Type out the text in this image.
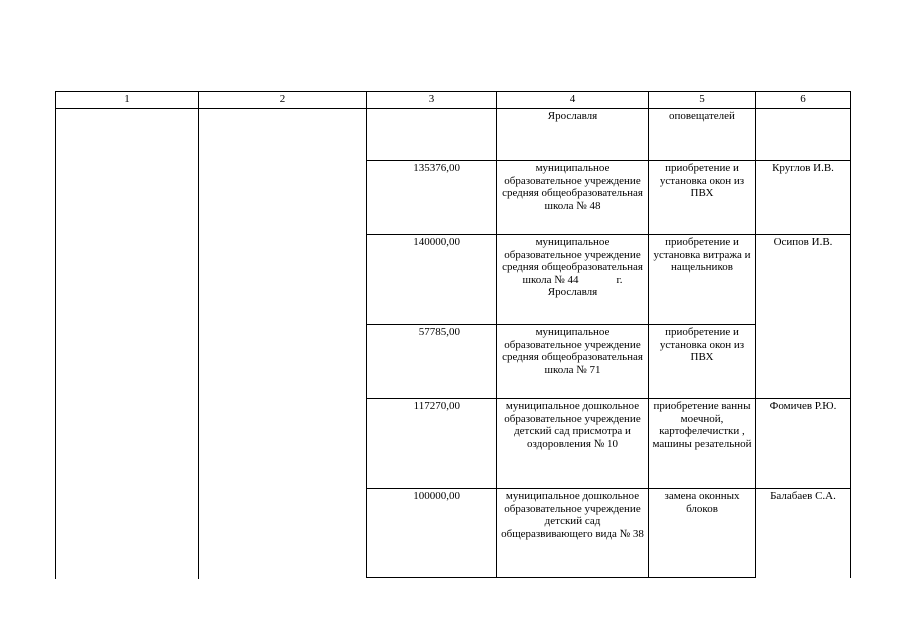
1	2	3	4	5	6
			Ярославля	оповещателей	
		135376,00	муниципальное образовательное учреждение средняя общеобразовательная школа № 48	приобретение и установка окон из ПВХ	Круглов И.В.
		140000,00	муниципальное образовательное учреждение средняя общеобразовательная
школа № 44 г.
Ярославля	приобретение и установка витража и нащельников	Осипов И.В.
		57785,00	муниципальное образовательное учреждение средняя общеобразовательная школа № 71	приобретение и установка окон из ПВХ	
		117270,00	муниципальное дошкольное образовательное учреждение детский сад присмотра и оздоровления № 10	приобретение ванны моечной, картофелечистки , машины резательной	Фомичев Р.Ю.
		100000,00	муниципальное дошкольное образовательное учреждение детский сад общеразвивающего вида № 38	замена оконных блоков	Балабаев С.А.
